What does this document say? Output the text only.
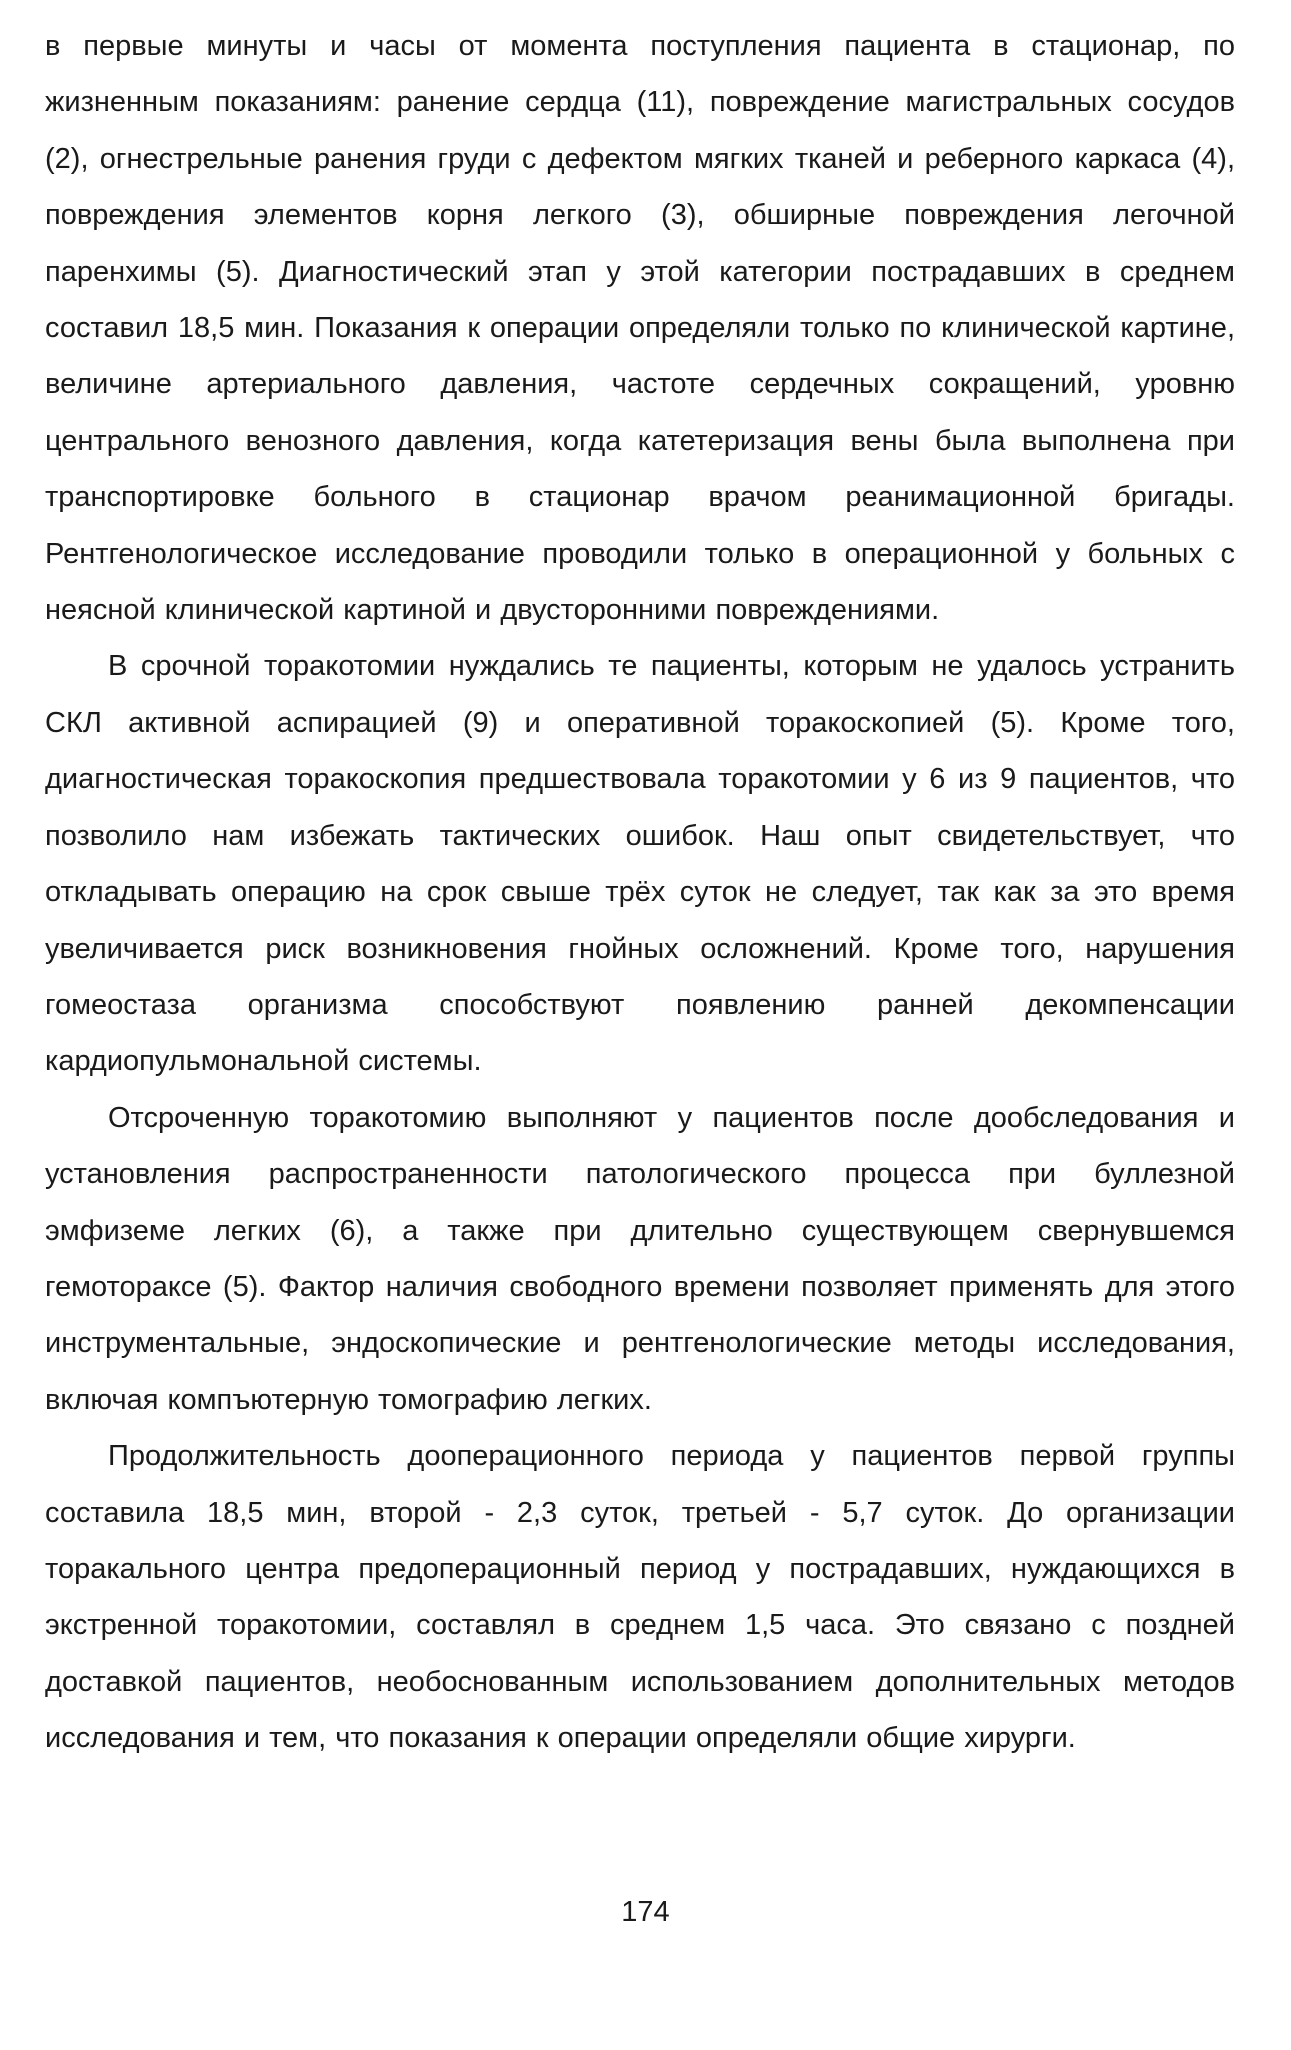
в первые минуты и часы от момента поступления пациента в стационар, по жизненным показаниям: ранение сердца (11), повреждение магистральных сосудов (2), огнестрельные ранения груди с дефектом мягких тканей и реберного каркаса (4), повреждения элементов корня легкого (3), обширные повреждения легочной паренхимы (5). Диагностический этап у этой категории пострадавших в среднем составил 18,5 мин. Показания к операции определяли только по клинической картине, величине артериального давления, частоте сердечных сокращений, уровню центрального венозного давления, когда катетеризация вены была выполнена при транспортировке больного в стационар врачом реанимационной бригады. Рентгенологическое исследование проводили только в операционной у больных с неясной клинической картиной и двусторонними повреждениями.

В срочной торакотомии нуждались те пациенты, которым не удалось устранить СКЛ активной аспирацией (9) и оперативной торакоскопией (5). Кроме того, диагностическая торакоскопия предшествовала торакотомии у 6 из 9 пациентов, что позволило нам избежать тактических ошибок. Наш опыт свидетельствует, что откладывать операцию на срок свыше трёх суток не следует, так как за это время увеличивается риск возникновения гнойных осложнений. Кроме того, нарушения гомеостаза организма способствуют появлению ранней декомпенсации кардиопульмональной системы.

Отсроченную торакотомию выполняют у пациентов после дообследования и установления распространенности патологического процесса при буллезной эмфиземе легких (6), а также при длительно существующем свернувшемся гемотораксе (5). Фактор наличия свободного времени позволяет применять для этого инструментальные, эндоскопические и рентгенологические методы исследования, включая компъютерную томографию легких.

Продолжительность дооперационного периода у пациентов первой группы составила 18,5 мин, второй - 2,3 суток, третьей - 5,7 суток. До организации торакального центра предоперационный период у пострадавших, нуждающихся в экстренной торакотомии, составлял в среднем 1,5 часа. Это связано с поздней доставкой пациентов, необоснованным использованием дополнительных методов исследования и тем, что показания к операции определяли общие хирурги.

174
